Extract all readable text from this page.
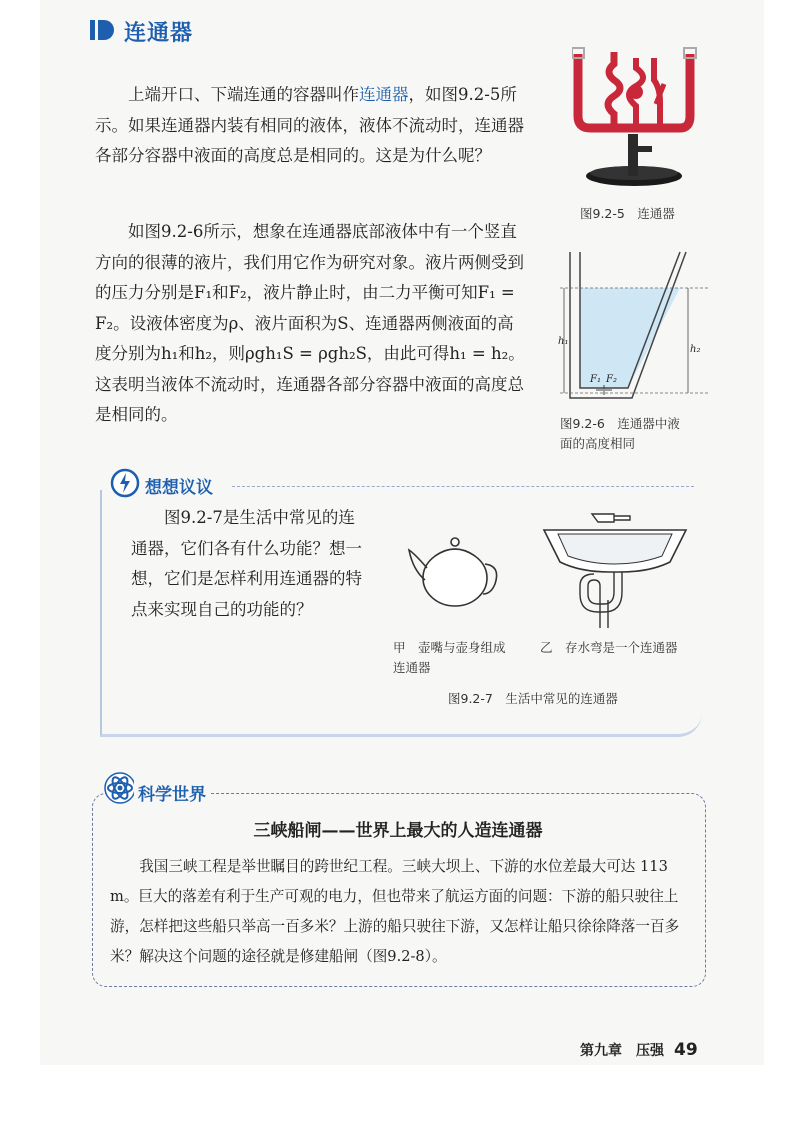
连通器
上端开口、下端连通的容器叫作连通器，如图9.2-5所示。如果连通器内装有相同的液体，液体不流动时，连通器各部分容器中液面的高度总是相同的。这是为什么呢？
如图9.2-6所示，想象在连通器底部液体中有一个竖直方向的很薄的液片，我们用它作为研究对象。液片两侧受到的压力分别是F₁和F₂，液片静止时，由二力平衡可知F₁ = F₂。设液体密度为ρ、液片面积为S、连通器两侧液面的高度分别为h₁和h₂，则ρgh₁S = ρgh₂S，由此可得h₁ = h₂。这表明当液体不流动时，连通器各部分容器中液面的高度总是相同的。
图9.2-5　连通器
h₁
h₂
F₁ F₂
图9.2-6　连通器中液
面的高度相同
想想议议
图9.2-7是生活中常见的连通器，它们各有什么功能？想一想，它们是怎样利用连通器的特点来实现自己的功能的？
甲　壶嘴与壶身组成
连通器
乙　存水弯是一个连通器
图9.2-7　生活中常见的连通器
科学世界
三峡船闸——世界上最大的人造连通器
我国三峡工程是举世瞩目的跨世纪工程。三峡大坝上、下游的水位差最大可达 113 m。巨大的落差有利于生产可观的电力，但也带来了航运方面的问题：下游的船只驶往上游，怎样把这些船只举高一百多米？上游的船只驶往下游，又怎样让船只徐徐降落一百多米？解决这个问题的途径就是修建船闸（图9.2-8）。
第九章　压强 49
